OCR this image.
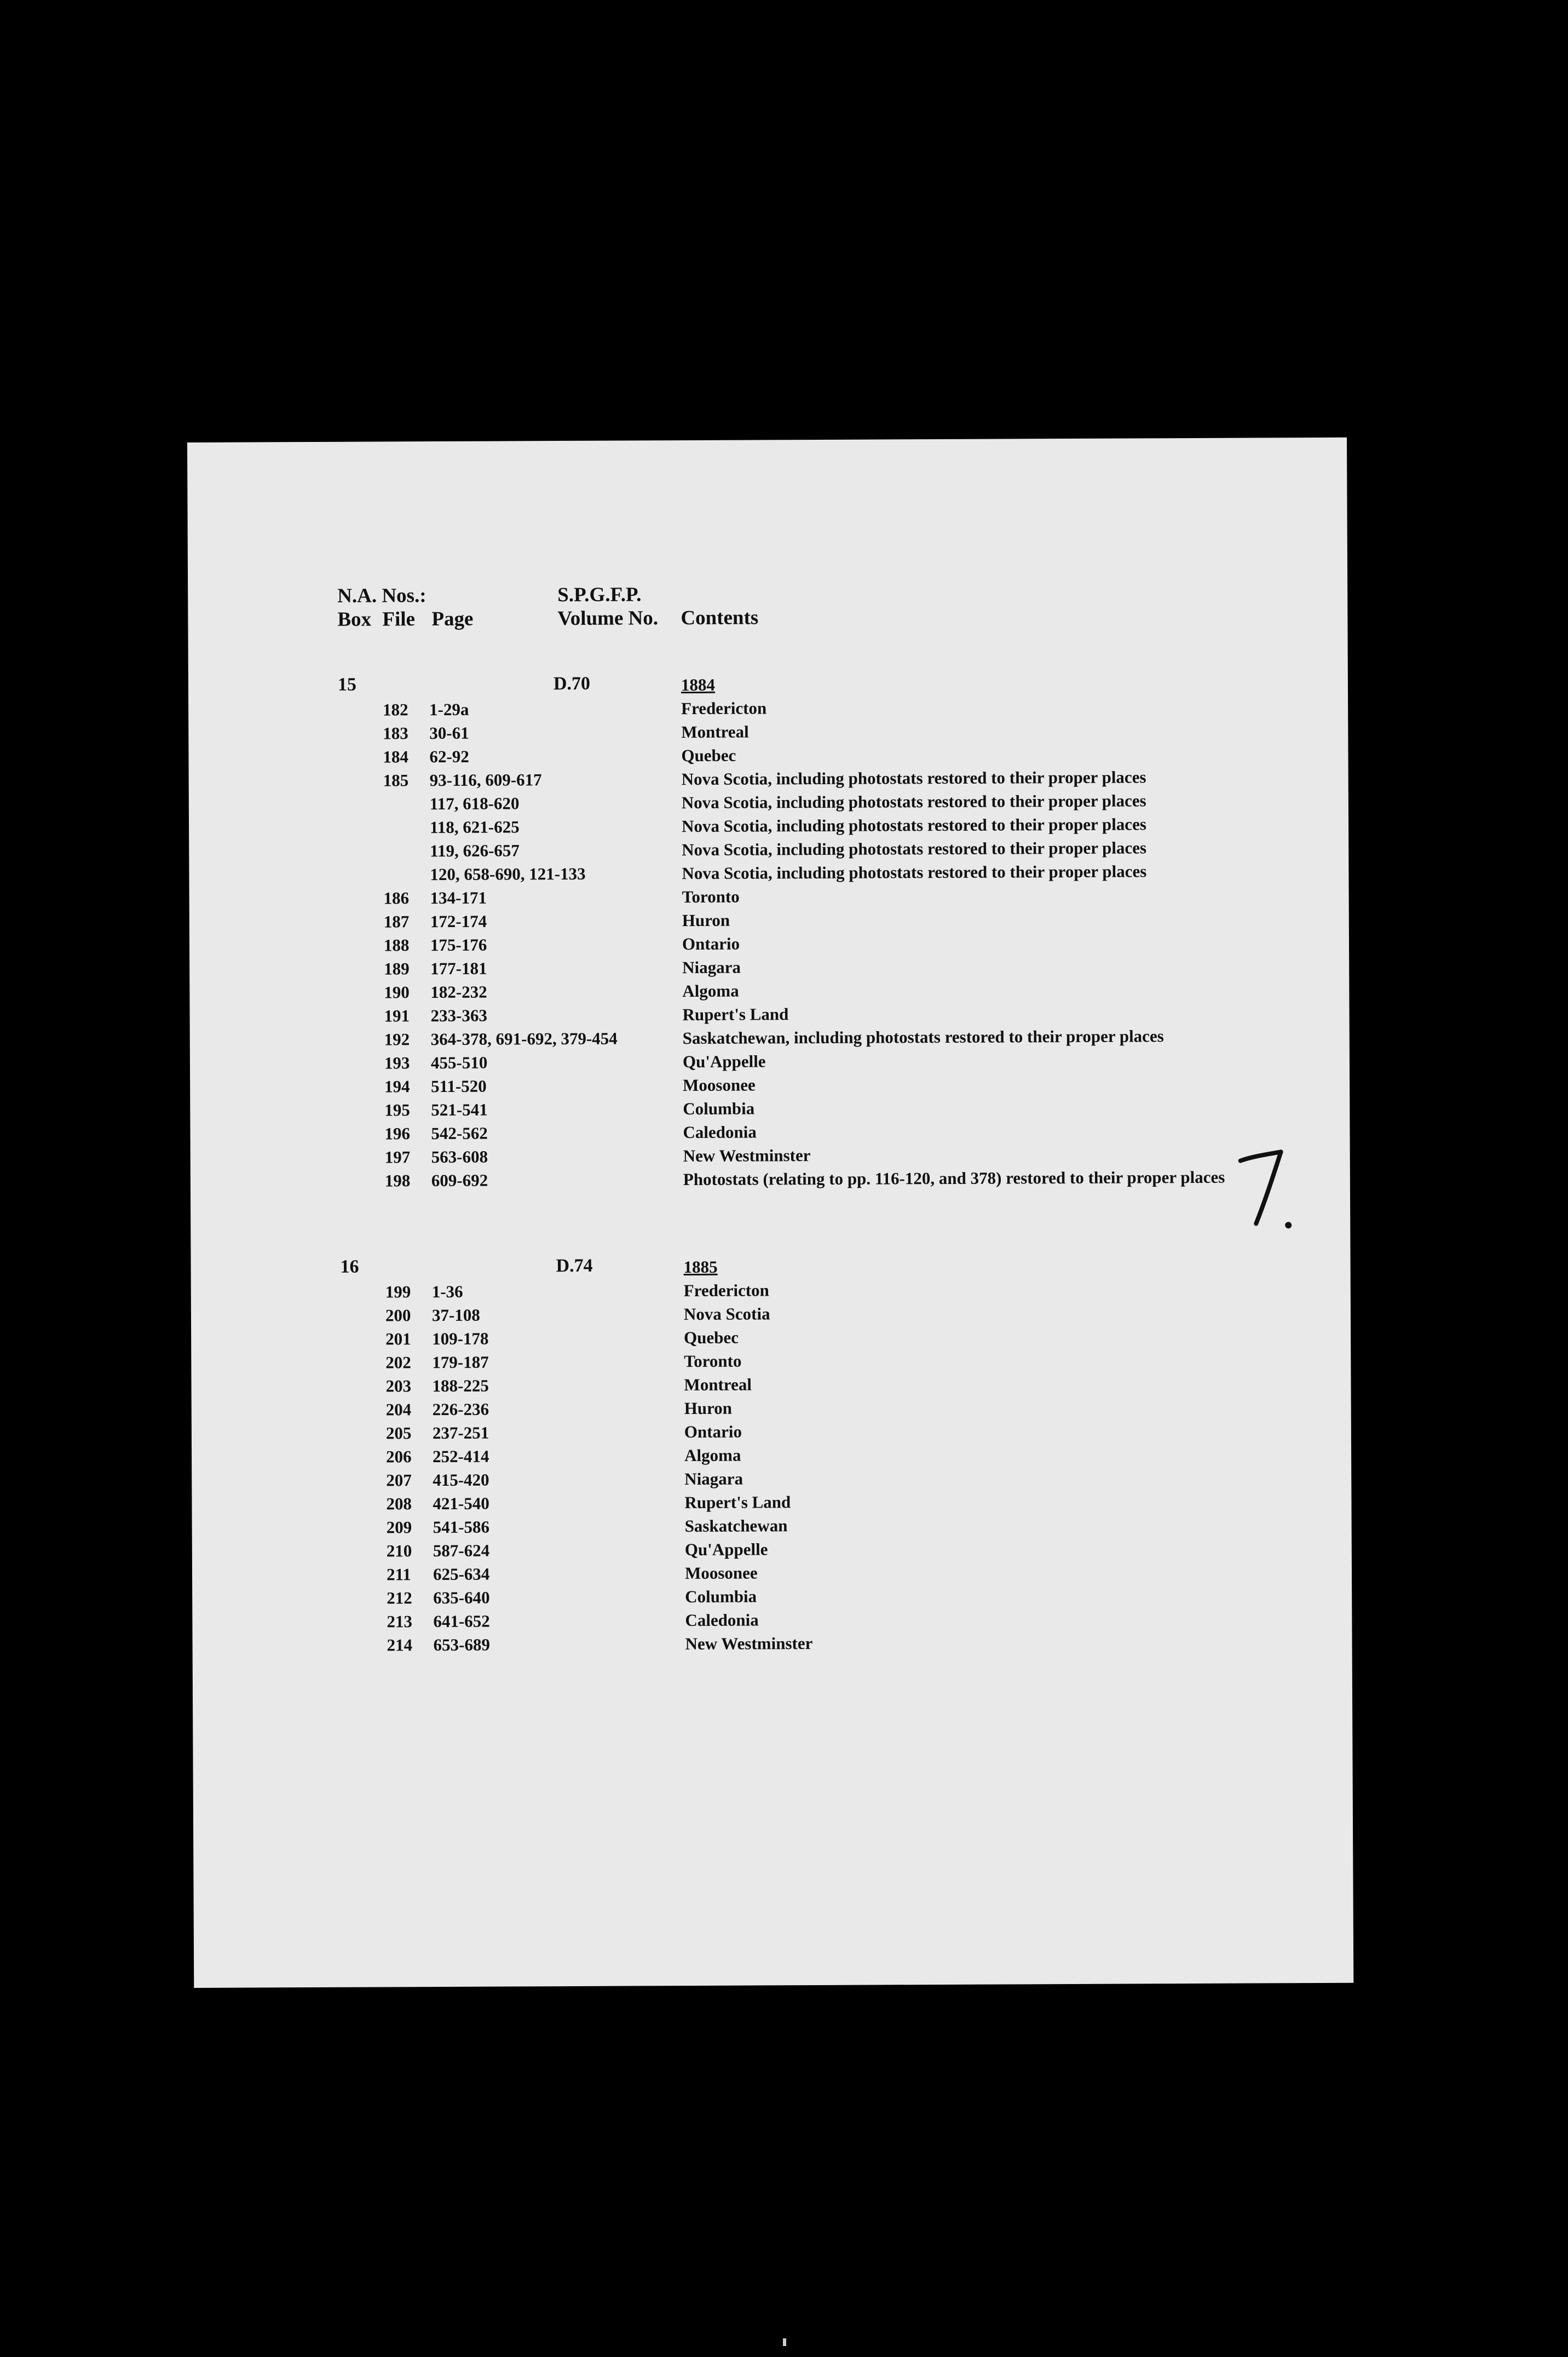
N.A. Nos.:	S.P.G.F.P.
Box File Page	Volume No. Contents
15	D.70	1884
182 1-29a	Fredericton
183 30-61	Montreal
184 62-92	Quebec
185 93-116, 609-617	Nova Scotia, including photostats restored to their proper places
117, 618-620	Nova Scotia, including photostats restored to their proper places
118, 621-625	Nova Scotia, including photostats restored to their proper places
119, 626-657	Nova Scotia, including photostats restored to their proper places
120, 658-690, 121-133	Nova Scotia, including photostats restored to their proper places
186 134-171	Toronto
187 172-174	Huron
188 175-176	Ontario
189 177-181	Niagara
190 182-232	Algoma
191 233-363	Rupert's Land
192 364-378, 691-692, 379-454	Saskatchewan, including photostats restored to their proper places
193 455-510	Qu'Appelle
194 511-520	Moosonee
195 521-541	Columbia
196 542-562	Caledonia
197 563-608	New Westminster
198 609-692	Photostats (relating to pp. 116-120, and 378) restored to their proper places
16	D.74	1885
199 1-36	Fredericton
200 37-108	Nova Scotia
201 109-178	Quebec
202 179-187	Toronto
203 188-225	Montreal
204 226-236	Huron
205 237-251	Ontario
206 252-414	Algoma
207 415-420	Niagara
208 421-540	Rupert's Land
209 541-586	Saskatchewan
210 587-624	Qu'Appelle
211 625-634	Moosonee
212 635-640	Columbia
213 641-652	Caledonia
214 653-689	New Westminster
